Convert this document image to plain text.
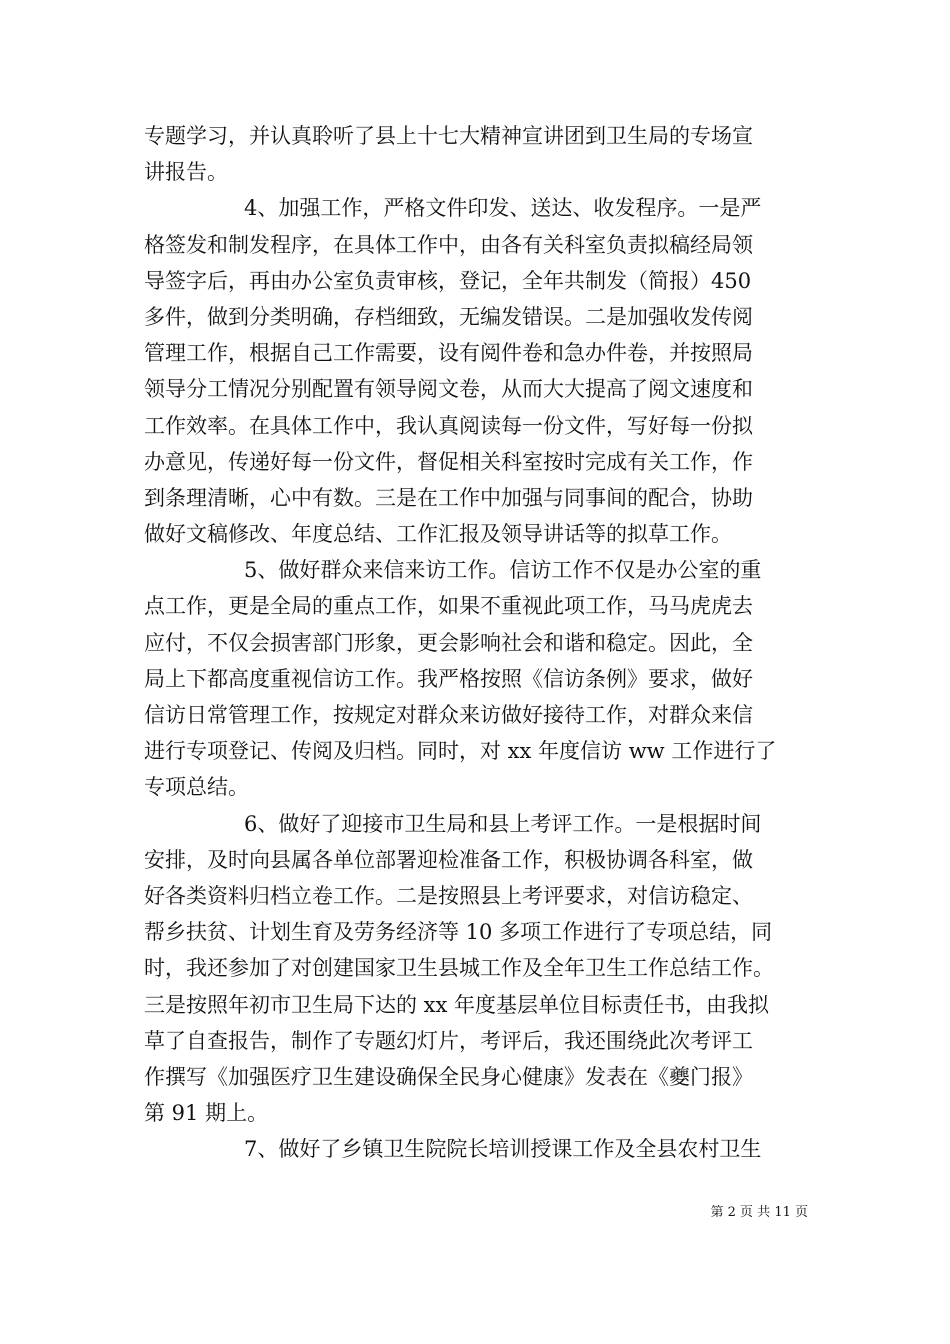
专题学习，并认真聆听了县上十七大精神宣讲团到卫生局的专场宣
讲报告。
4、加强工作，严格文件印发、送达、收发程序。一是严
格签发和制发程序，在具体工作中，由各有关科室负责拟稿经局领
导签字后，再由办公室负责审核，登记，全年共制发（简报）450
多件，做到分类明确，存档细致，无编发错误。二是加强收发传阅
管理工作，根据自己工作需要，设有阅件卷和急办件卷，并按照局
领导分工情况分别配置有领导阅文卷，从而大大提高了阅文速度和
工作效率。在具体工作中，我认真阅读每一份文件，写好每一份拟
办意见，传递好每一份文件，督促相关科室按时完成有关工作，作
到条理清晰，心中有数。三是在工作中加强与同事间的配合，协助
做好文稿修改、年度总结、工作汇报及领导讲话等的拟草工作。
5、做好群众来信来访工作。信访工作不仅是办公室的重
点工作，更是全局的重点工作，如果不重视此项工作，马马虎虎去
应付，不仅会损害部门形象，更会影响社会和谐和稳定。因此，全
局上下都高度重视信访工作。我严格按照《信访条例》要求，做好
信访日常管理工作，按规定对群众来访做好接待工作，对群众来信
进行专项登记、传阅及归档。同时，对 xx 年度信访 ww 工作进行了
专项总结。
6、做好了迎接市卫生局和县上考评工作。一是根据时间
安排，及时向县属各单位部署迎检准备工作，积极协调各科室，做
好各类资料归档立卷工作。二是按照县上考评要求，对信访稳定、
帮乡扶贫、计划生育及劳务经济等 10 多项工作进行了专项总结，同
时，我还参加了对创建国家卫生县城工作及全年卫生工作总结工作。
三是按照年初市卫生局下达的 xx 年度基层单位目标责任书，由我拟
草了自查报告，制作了专题幻灯片，考评后，我还围绕此次考评工
作撰写《加强医疗卫生建设确保全民身心健康》发表在《夔门报》
第 91 期上。
7、做好了乡镇卫生院院长培训授课工作及全县农村卫生
第 2 页 共 11 页
